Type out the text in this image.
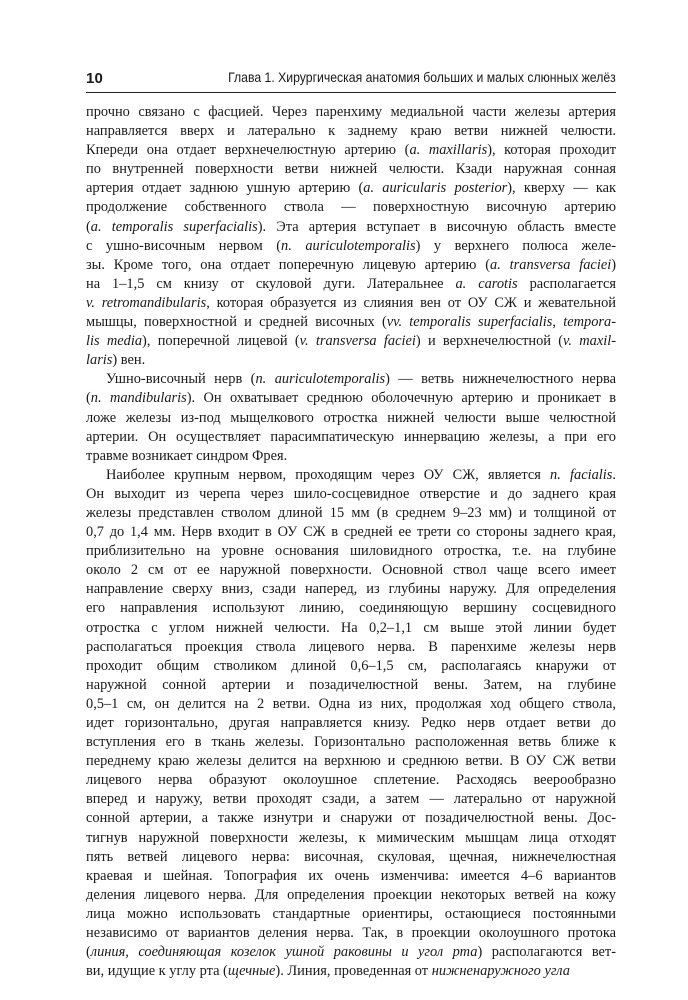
10	Глава 1. Хирургическая анатомия больших и малых слюнных желёз
прочно связано с фасцией. Через паренхиму медиальной части железы артерия
направляется вверх и латерально к заднему краю ветви нижней челюсти.
Кпереди она отдает верхнечелюстную артерию (a. maxillaris), которая проходит
по внутренней поверхности ветви нижней челюсти. Кзади наружная сонная
артерия отдает заднюю ушную артерию (a. auricularis posterior), кверху — как
продолжение собственного ствола — поверхностную височную артерию
(a. temporalis superfacialis). Эта артерия вступает в височную область вместе
с ушно-височным нервом (n. auriculotemporalis) у верхнего полюса желе-
зы. Кроме того, она отдает поперечную лицевую артерию (a. transversa faciei)
на 1–1,5 см книзу от скуловой дуги. Латеральнее a. carotis располагается
v. retromandibularis, которая образуется из слияния вен от ОУ СЖ и жевательной
мышцы, поверхностной и средней височных (vv. temporalis superfacialis, tempora-
lis media), поперечной лицевой (v. transversa faciei) и верхнечелюстной (v. maxil-
laris) вен.
Ушно-височный нерв (n. auriculotemporalis) — ветвь нижнечелюстного нерва
(n. mandibularis). Он охватывает среднюю оболочечную артерию и проникает в
ложе железы из-под мыщелкового отростка нижней челюсти выше челюстной
артерии. Он осуществляет парасимпатическую иннервацию железы, а при его
травме возникает синдром Фрея.
Наиболее крупным нервом, проходящим через ОУ СЖ, является n. facialis.
Он выходит из черепа через шило-сосцевидное отверстие и до заднего края
железы представлен стволом длиной 15 мм (в среднем 9–23 мм) и толщиной от
0,7 до 1,4 мм. Нерв входит в ОУ СЖ в средней ее трети со стороны заднего края,
приблизительно на уровне основания шиловидного отростка, т.е. на глубине
около 2 см от ее наружной поверхности. Основной ствол чаще всего имеет
направление сверху вниз, сзади наперед, из глубины наружу. Для определения
его направления используют линию, соединяющую вершину сосцевидного
отростка с углом нижней челюсти. На 0,2–1,1 см выше этой линии будет
располагаться проекция ствола лицевого нерва. В паренхиме железы нерв
проходит общим стволиком длиной 0,6–1,5 см, располагаясь кнаружи от
наружной сонной артерии и позадичелюстной вены. Затем, на глубине
0,5–1 см, он делится на 2 ветви. Одна из них, продолжая ход общего ствола,
идет горизонтально, другая направляется книзу. Редко нерв отдает ветви до
вступления его в ткань железы. Горизонтально расположенная ветвь ближе к
переднему краю железы делится на верхнюю и среднюю ветви. В ОУ СЖ ветви
лицевого нерва образуют околоушное сплетение. Расходясь веерообразно
вперед и наружу, ветви проходят сзади, а затем — латерально от наружной
сонной артерии, а также изнутри и снаружи от позадичелюстной вены. Дос-
тигнув наружной поверхности железы, к мимическим мышцам лица отходят
пять ветвей лицевого нерва: височная, скуловая, щечная, нижнечелюстная
краевая и шейная. Топография их очень изменчива: имеется 4–6 вариантов
деления лицевого нерва. Для определения проекции некоторых ветвей на кожу
лица можно использовать стандартные ориентиры, остающиеся постоянными
независимо от вариантов деления нерва. Так, в проекции околоушного протока
(линия, соединяющая козелок ушной раковины и угол рта) располагаются вет-
ви, идущие к углу рта (щечные). Линия, проведенная от нижненаружного угла
